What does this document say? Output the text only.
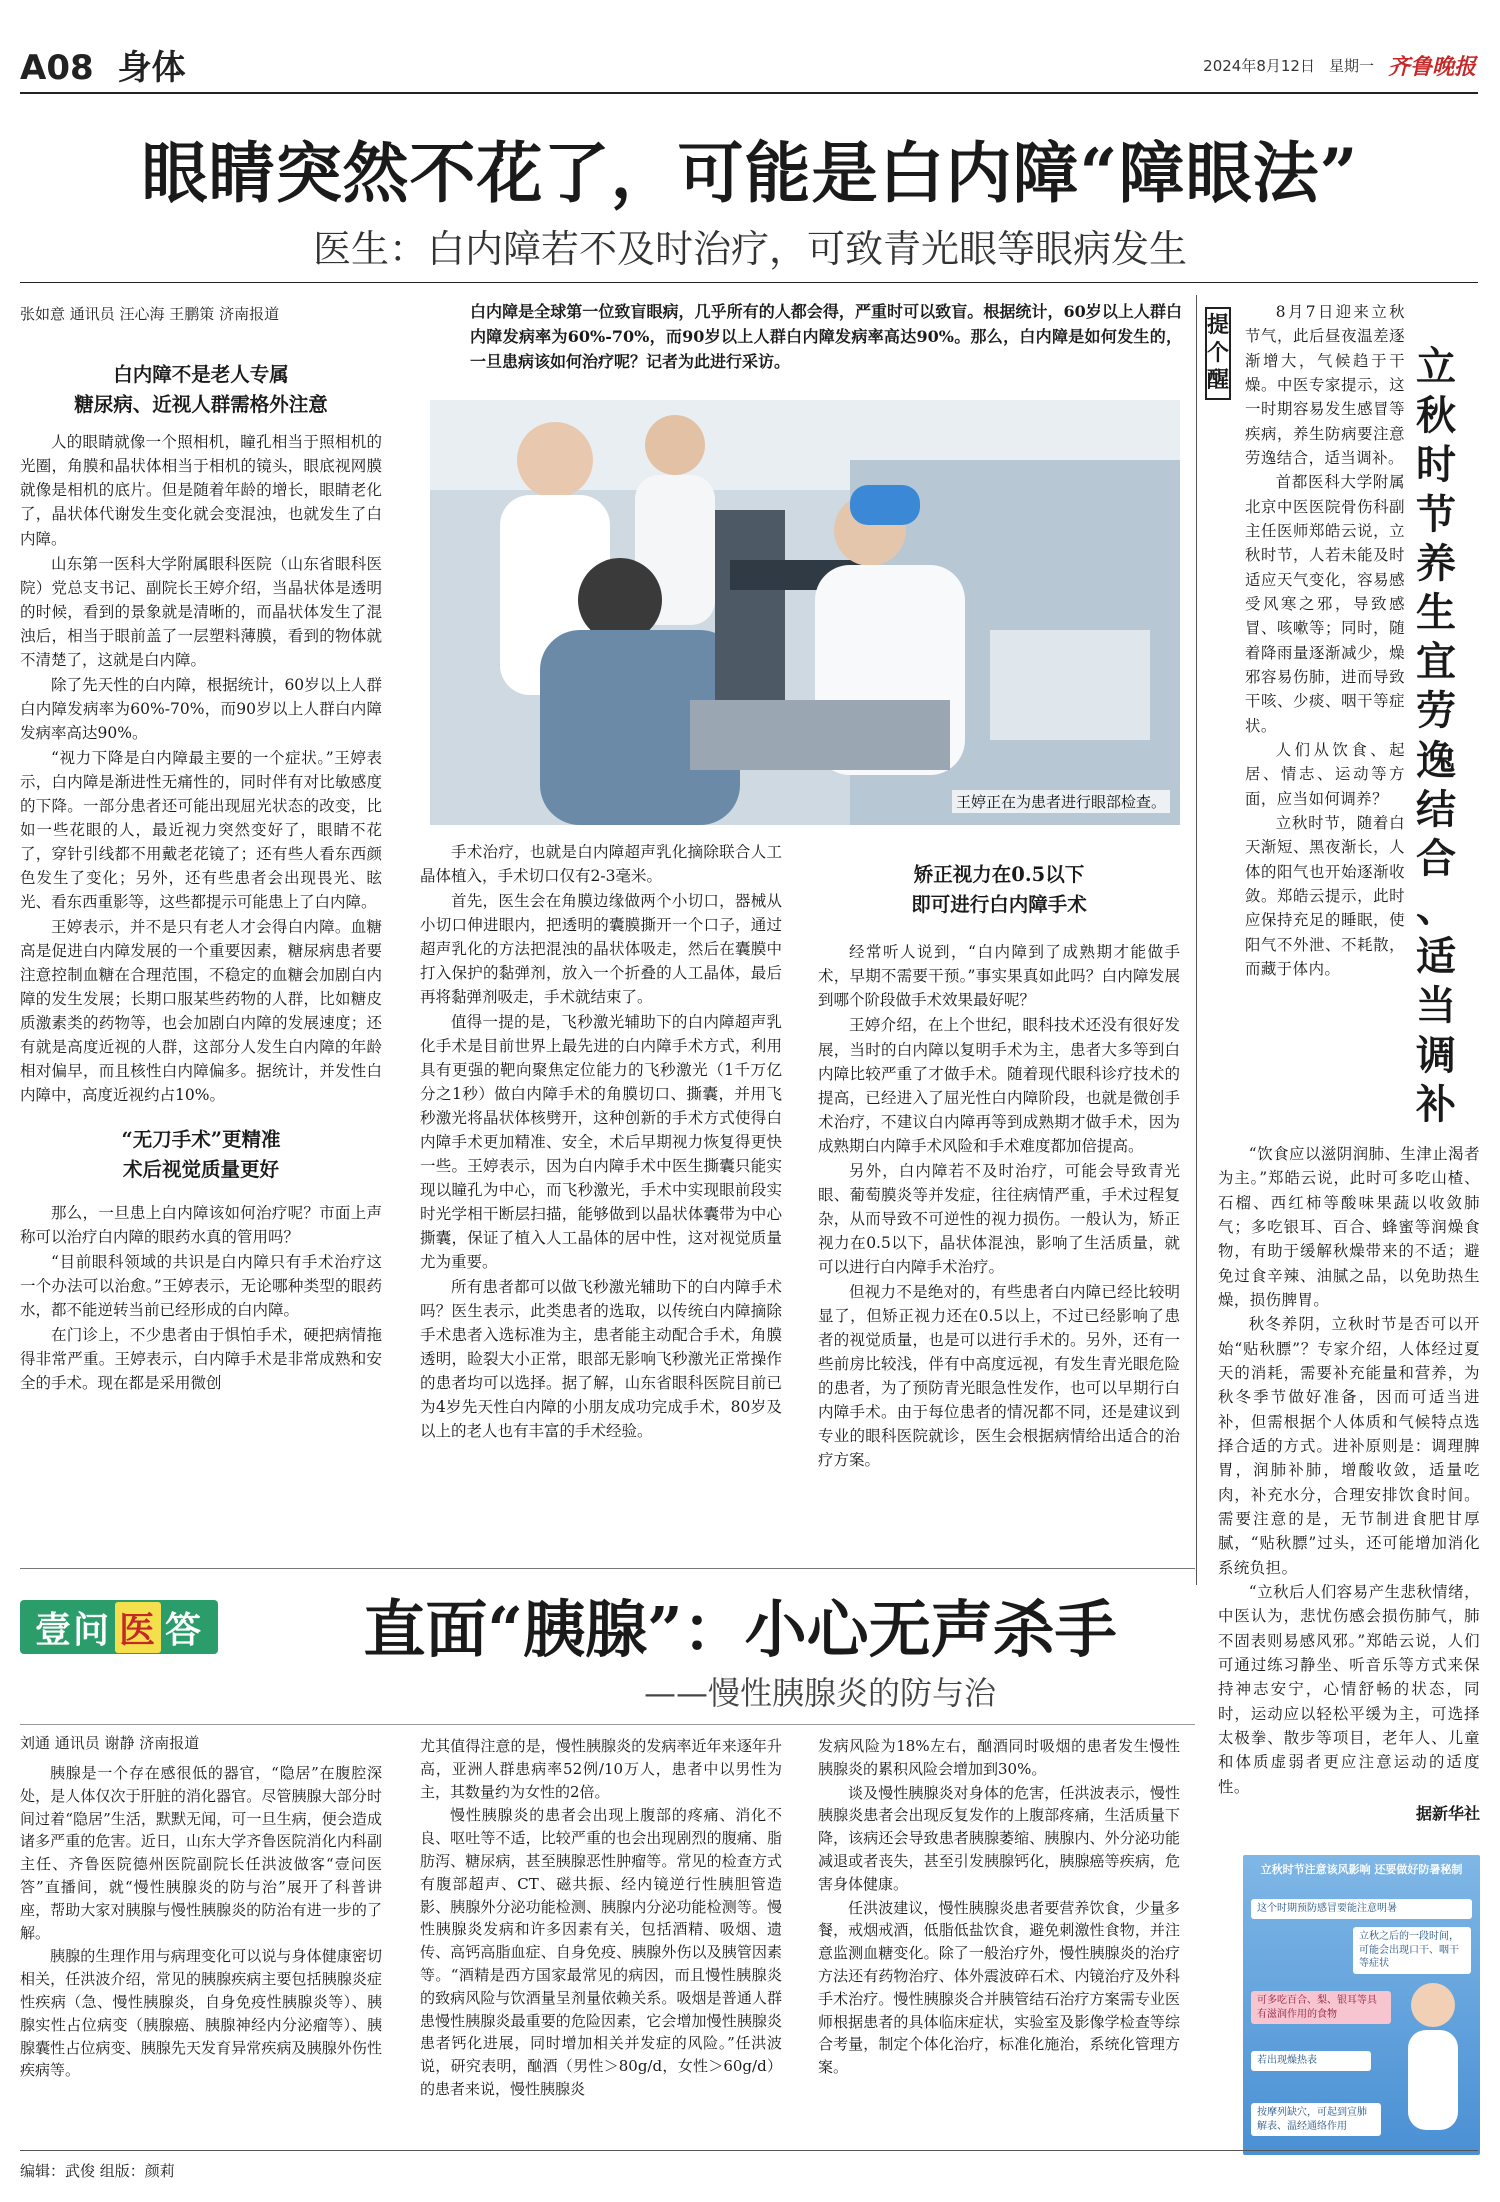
A08 身体	2024年8月12日 星期一 齐鲁晚报
眼睛突然不花了，可能是白内障“障眼法”
医生：白内障若不及时治疗，可致青光眼等眼病发生
张如意 通讯员 汪心海 王鹏策 济南报道	白内障是全球第一位致盲眼病，几乎所有的人都会得，严重时可以致盲。根据统计，60岁以上人群白内障发病率为60%-70%，而90岁以上人群白内障发病率高达90%。那么，白内障是如何发生的，一旦患病该如何治疗呢？记者为此进行采访。
白内障不是老人专属
糖尿病、近视人群需格外注意

人的眼睛就像一个照相机，瞳孔相当于照相机的光圈，角膜和晶状体相当于相机的镜头，眼底视网膜就像是相机的底片。但是随着年龄的增长，眼睛老化了，晶状体代谢发生变化就会变混浊，也就发生了白内障。

山东第一医科大学附属眼科医院（山东省眼科医院）党总支书记、副院长王婷介绍，当晶状体是透明的时候，看到的景象就是清晰的，而晶状体发生了混浊后，相当于眼前盖了一层塑料薄膜，看到的物体就不清楚了，这就是白内障。

除了先天性的白内障，根据统计，60岁以上人群白内障发病率为60%-70%，而90岁以上人群白内障发病率高达90%。

“视力下降是白内障最主要的一个症状。”王婷表示，白内障是渐进性无痛性的，同时伴有对比敏感度的下降。一部分患者还可能出现屈光状态的改变，比如一些花眼的人，最近视力突然变好了，眼睛不花了，穿针引线都不用戴老花镜了；还有些人看东西颜色发生了变化；另外，还有些患者会出现畏光、眩光、看东西重影等，这些都提示可能患上了白内障。

王婷表示，并不是只有老人才会得白内障。血糖高是促进白内障发展的一个重要因素，糖尿病患者要注意控制血糖在合理范围，不稳定的血糖会加剧白内障的发生发展；长期口服某些药物的人群，比如糖皮质激素类的药物等，也会加剧白内障的发展速度；还有就是高度近视的人群，这部分人发生白内障的年龄相对偏早，而且核性白内障偏多。据统计，并发性白内障中，高度近视约占10%。

“无刀手术”更精准
术后视觉质量更好

那么，一旦患上白内障该如何治疗呢？市面上声称可以治疗白内障的眼药水真的管用吗？

“目前眼科领域的共识是白内障只有手术治疗这一个办法可以治愈。”王婷表示，无论哪种类型的眼药水，都不能逆转当前已经形成的白内障。

在门诊上，不少患者由于惧怕手术，硬把病情拖得非常严重。王婷表示，白内障手术是非常成熟和安全的手术。现在都是采用微创

王婷正在为患者进行眼部检查。

手术治疗，也就是白内障超声乳化摘除联合人工晶体植入，手术切口仅有2-3毫米。

首先，医生会在角膜边缘做两个小切口，器械从小切口伸进眼内，把透明的囊膜撕开一个口子，通过超声乳化的方法把混浊的晶状体吸走，然后在囊膜中打入保护的黏弹剂，放入一个折叠的人工晶体，最后再将黏弹剂吸走，手术就结束了。

值得一提的是，飞秒激光辅助下的白内障超声乳化手术是目前世界上最先进的白内障手术方式，利用具有更强的靶向聚焦定位能力的飞秒激光（1千万亿分之1秒）做白内障手术的角膜切口、撕囊，并用飞秒激光将晶状体核劈开，这种创新的手术方式使得白内障手术更加精准、安全，术后早期视力恢复得更快一些。王婷表示，因为白内障手术中医生撕囊只能实现以瞳孔为中心，而飞秒激光，手术中实现眼前段实时光学相干断层扫描，能够做到以晶状体囊带为中心撕囊，保证了植入人工晶体的居中性，这对视觉质量尤为重要。

所有患者都可以做飞秒激光辅助下的白内障手术吗？医生表示，此类患者的选取，以传统白内障摘除手术患者入选标准为主，患者能主动配合手术，角膜透明，睑裂大小正常，眼部无影响飞秒激光正常操作的患者均可以选择。据了解，山东省眼科医院目前已为4岁先天性白内障的小朋友成功完成手术，80岁及以上的老人也有丰富的手术经验。

矫正视力在0.5以下
即可进行白内障手术

经常听人说到，“白内障到了成熟期才能做手术，早期不需要干预。”事实果真如此吗？白内障发展到哪个阶段做手术效果最好呢？

王婷介绍，在上个世纪，眼科技术还没有很好发展，当时的白内障以复明手术为主，患者大多等到白内障比较严重了才做手术。随着现代眼科诊疗技术的提高，已经进入了屈光性白内障阶段，也就是微创手术治疗，不建议白内障再等到成熟期才做手术，因为成熟期白内障手术风险和手术难度都加倍提高。

另外，白内障若不及时治疗，可能会导致青光眼、葡萄膜炎等并发症，往往病情严重，手术过程复杂，从而导致不可逆性的视力损伤。一般认为，矫正视力在0.5以下，晶状体混浊，影响了生活质量，就可以进行白内障手术治疗。

但视力不是绝对的，有些患者白内障已经比较明显了，但矫正视力还在0.5以上，不过已经影响了患者的视觉质量，也是可以进行手术的。另外，还有一些前房比较浅，伴有中高度远视，有发生青光眼危险的患者，为了预防青光眼急性发作，也可以早期行白内障手术。由于每位患者的情况都不同，还是建议到专业的眼科医院就诊，医生会根据病情给出适合的治疗方案。

提个醒	立
秋
时
节
养
生
宜
劳
逸
结
合
、
适
当
调
补

8月7日迎来立秋节气，此后昼夜温差逐渐增大，气候趋于干燥。中医专家提示，这一时期容易发生感冒等疾病，养生防病要注意劳逸结合，适当调补。

首都医科大学附属北京中医医院骨伤科副主任医师郑皓云说，立秋时节，人若未能及时适应天气变化，容易感受风寒之邪，导致感冒、咳嗽等；同时，随着降雨量逐渐减少，燥邪容易伤肺，进而导致干咳、少痰、咽干等症状。

人们从饮食、起居、情志、运动等方面，应当如何调养？

立秋时节，随着白天渐短、黑夜渐长，人体的阳气也开始逐渐收敛。郑皓云提示，此时应保持充足的睡眠，使阳气不外泄、不耗散，而藏于体内。

“饮食应以滋阴润肺、生津止渴者为主。”郑皓云说，此时可多吃山楂、石榴、西红柿等酸味果蔬以收敛肺气；多吃银耳、百合、蜂蜜等润燥食物，有助于缓解秋燥带来的不适；避免过食辛辣、油腻之品，以免助热生燥，损伤脾胃。

秋冬养阴，立秋时节是否可以开始“贴秋膘”？专家介绍，人体经过夏天的消耗，需要补充能量和营养，为秋冬季节做好准备，因而可适当进补，但需根据个人体质和气候特点选择合适的方式。进补原则是：调理脾胃，润肺补肺，增酸收敛，适量吃肉，补充水分，合理安排饮食时间。需要注意的是，无节制进食肥甘厚腻，“贴秋膘”过头，还可能增加消化系统负担。

“立秋后人们容易产生悲秋情绪，中医认为，悲忧伤感会损伤肺气，肺不固表则易感风邪。”郑皓云说，人们可通过练习静坐、听音乐等方式来保持神志安宁，心情舒畅的状态，同时，运动应以轻松平缓为主，可选择太极拳、散步等项目，老年人、儿童和体质虚弱者更应注意运动的适度性。

据新华社
立秋时节注意该风影响 还要做好防暑秘制
这个时期预防感冒要能注意明暑
立秋之后的一段时间，可能会出现口干、咽干等症状
可多吃百合、梨、银耳等具有滋润作用的食物
若出现燥热表
按摩列缺穴，可起到宣肺解表、温经通络作用
壹问 医 答	直面“胰腺”：小心无声杀手
——慢性胰腺炎的防与治
刘通 通讯员 谢静 济南报道

胰腺是一个存在感很低的器官，“隐居”在腹腔深处，是人体仅次于肝脏的消化器官。尽管胰腺大部分时间过着“隐居”生活，默默无闻，可一旦生病，便会造成诸多严重的危害。近日，山东大学齐鲁医院消化内科副主任、齐鲁医院德州医院副院长任洪波做客“壹问医答”直播间，就“慢性胰腺炎的防与治”展开了科普讲座，帮助大家对胰腺与慢性胰腺炎的防治有进一步的了解。

胰腺的生理作用与病理变化可以说与身体健康密切相关，任洪波介绍，常见的胰腺疾病主要包括胰腺炎症性疾病（急、慢性胰腺炎，自身免疫性胰腺炎等）、胰腺实性占位病变（胰腺癌、胰腺神经内分泌瘤等）、胰腺囊性占位病变、胰腺先天发育异常疾病及胰腺外伤性疾病等。

尤其值得注意的是，慢性胰腺炎的发病率近年来逐年升高，亚洲人群患病率52例/10万人，患者中以男性为主，其数量约为女性的2倍。

慢性胰腺炎的患者会出现上腹部的疼痛、消化不良、呕吐等不适，比较严重的也会出现剧烈的腹痛、脂肪泻、糖尿病，甚至胰腺恶性肿瘤等。常见的检查方式有腹部超声、CT、磁共振、经内镜逆行性胰胆管造影、胰腺外分泌功能检测、胰腺内分泌功能检测等。慢性胰腺炎发病和许多因素有关，包括酒精、吸烟、遗传、高钙高脂血症、自身免疫、胰腺外伤以及胰管因素等。“酒精是西方国家最常见的病因，而且慢性胰腺炎的致病风险与饮酒量呈剂量依赖关系。吸烟是普通人群患慢性胰腺炎最重要的危险因素，它会增加慢性胰腺炎患者钙化进展，同时增加相关并发症的风险。”任洪波说，研究表明，酗酒（男性＞80g/d，女性＞60g/d）的患者来说，慢性胰腺炎

发病风险为18%左右，酗酒同时吸烟的患者发生慢性胰腺炎的累积风险会增加到30%。

谈及慢性胰腺炎对身体的危害，任洪波表示，慢性胰腺炎患者会出现反复发作的上腹部疼痛，生活质量下降，该病还会导致患者胰腺萎缩、胰腺内、外分泌功能减退或者丧失，甚至引发胰腺钙化，胰腺癌等疾病，危害身体健康。

任洪波建议，慢性胰腺炎患者要营养饮食，少量多餐，戒烟戒酒，低脂低盐饮食，避免刺激性食物，并注意监测血糖变化。除了一般治疗外，慢性胰腺炎的治疗方法还有药物治疗、体外震波碎石术、内镜治疗及外科手术治疗。慢性胰腺炎合并胰管结石治疗方案需专业医师根据患者的具体临床症状，实验室及影像学检查等综合考量，制定个体化治疗，标准化施治，系统化管理方案。

编辑：武俊 组版：颜莉
